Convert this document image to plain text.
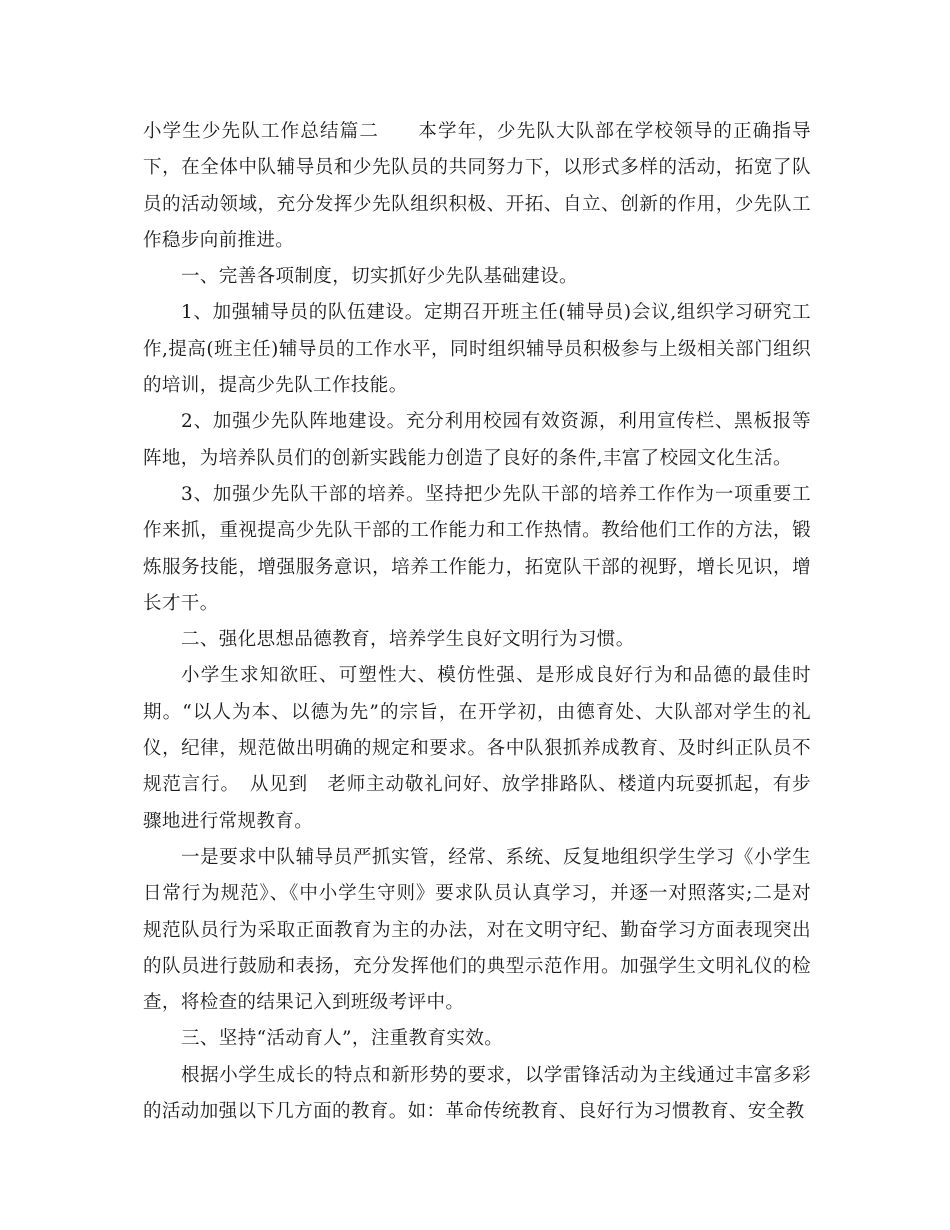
小学生少先队工作总结篇二　　本学年，少先队大队部在学校领导的正确指导下，在全体中队辅导员和少先队员的共同努力下，以形式多样的活动，拓宽了队员的活动领域，充分发挥少先队组织积极、开拓、自立、创新的作用，少先队工作稳步向前推进。

一、完善各项制度，切实抓好少先队基础建设。

1、加强辅导员的队伍建设。定期召开班主任(辅导员)会议,组织学习研究工作,提高(班主任)辅导员的工作水平，同时组织辅导员积极参与上级相关部门组织的培训，提高少先队工作技能。

2、加强少先队阵地建设。充分利用校园有效资源，利用宣传栏、黑板报等阵地，为培养队员们的创新实践能力创造了良好的条件,丰富了校园文化生活。

3、加强少先队干部的培养。坚持把少先队干部的培养工作作为一项重要工作来抓，重视提高少先队干部的工作能力和工作热情。教给他们工作的方法，锻炼服务技能，增强服务意识，培养工作能力，拓宽队干部的视野，增长见识，增长才干。

二、强化思想品德教育，培养学生良好文明行为习惯。

小学生求知欲旺、可塑性大、模仿性强、是形成良好行为和品德的最佳时期。“以人为本、以德为先”的宗旨，在开学初，由德育处、大队部对学生的礼仪，纪律，规范做出明确的规定和要求。各中队狠抓养成教育、及时纠正队员不规范言行。　从见到　老师主动敬礼问好、放学排路队、楼道内玩耍抓起，有步骤地进行常规教育。

一是要求中队辅导员严抓实管，经常、系统、反复地组织学生学习《小学生日常行为规范》、《中小学生守则》要求队员认真学习，并逐一对照落实;二是对规范队员行为采取正面教育为主的办法，对在文明守纪、勤奋学习方面表现突出的队员进行鼓励和表扬，充分发挥他们的典型示范作用。加强学生文明礼仪的检查，将检查的结果记入到班级考评中。

三、坚持“活动育人”，注重教育实效。

根据小学生成长的特点和新形势的要求，以学雷锋活动为主线通过丰富多彩的活动加强以下几方面的教育。如：革命传统教育、良好行为习惯教育、安全教
